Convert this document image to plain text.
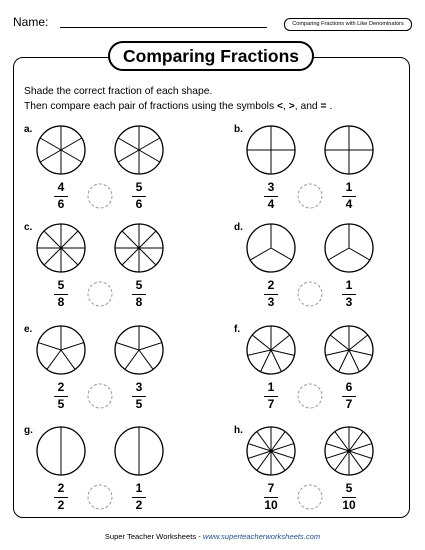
Name:	Comparing Fractions with Like Denominators
Comparing Fractions
Shade the correct fraction of each shape.
Then compare each pair of fractions using the symbols <, >, and = .
a.
4
6
5
6
b.
3
4
1
4
c.
5
8
5
8
d.
2
3
1
3
e.
2
5
3
5
f.
1
7
6
7
g.
2
2
1
2
h.
7
10
5
10
Super Teacher Worksheets - www.superteacherworksheets.com
